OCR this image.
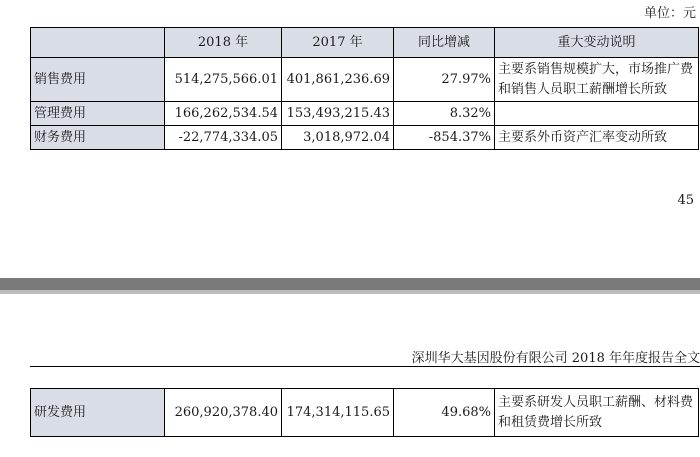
单位：元
	2018 年	2017 年	同比增减	重大变动说明
销售费用	514,275,566.01	401,861,236.69	27.97%	主要系销售规模扩大，市场推广费和销售人员职工薪酬增长所致
管理费用	166,262,534.54	153,493,215.43	8.32%	
财务费用	-22,774,334.05	3,018,972.04	-854.37%	主要系外币资产汇率变动所致
45
深圳华大基因股份有限公司 2018 年年度报告全文
研发费用	260,920,378.40	174,314,115.65	49.68%	主要系研发人员职工薪酬、材料费和租赁费增长所致
